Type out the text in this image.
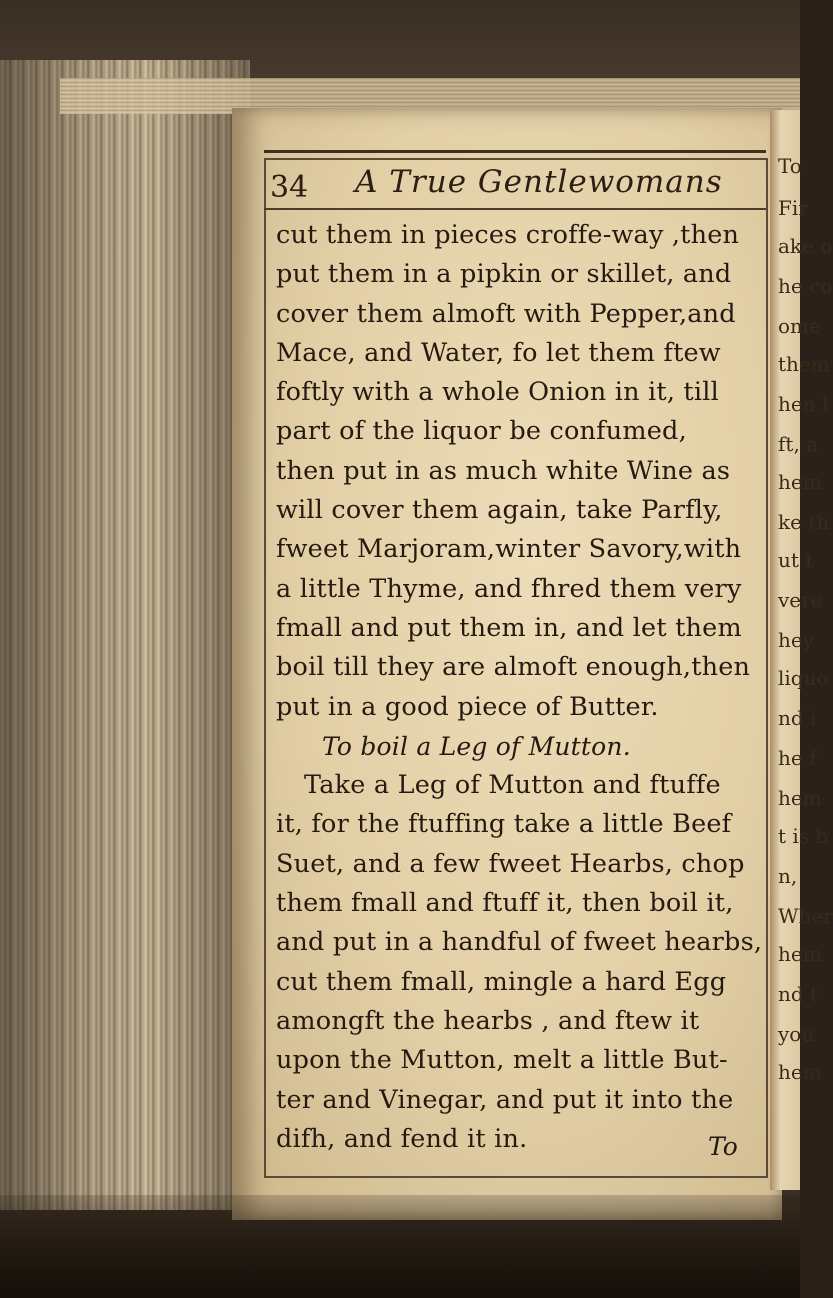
To
Fir
ake o
he co
ome
them
hen l
ft, a
hem
ke th
ut t
vere
hey
liquo
nd i
he f
hem
t is b
n,
Wher
hem
nd t
you
hem
34 A True Gentlewomans
cut them in pieces croffe-way ,then
put them in a pipkin or skillet, and
cover them almoft with Pepper,and
Mace, and Water, fo let them ftew
foftly with a whole Onion in it, till
part of the liquor be confumed,
then put in as much white Wine as
will cover them again, take Parfly,
fweet Marjoram,winter Savory,with
a little Thyme, and fhred them very
fmall and put them in, and let them
boil till they are almoft enough,then
put in a good piece of Butter.
To boil a Leg of Mutton.
Take a Leg of Mutton and ftuffe
it, for the ftuffing take a little Beef
Suet, and a few fweet Hearbs, chop
them fmall and ftuff it, then boil it,
and put in a handful of fweet hearbs,
cut them fmall, mingle a hard Egg
amongft the hearbs , and ftew it
upon the Mutton, melt a little But-
ter and Vinegar, and put it into the
difh, and fend it in.	To
